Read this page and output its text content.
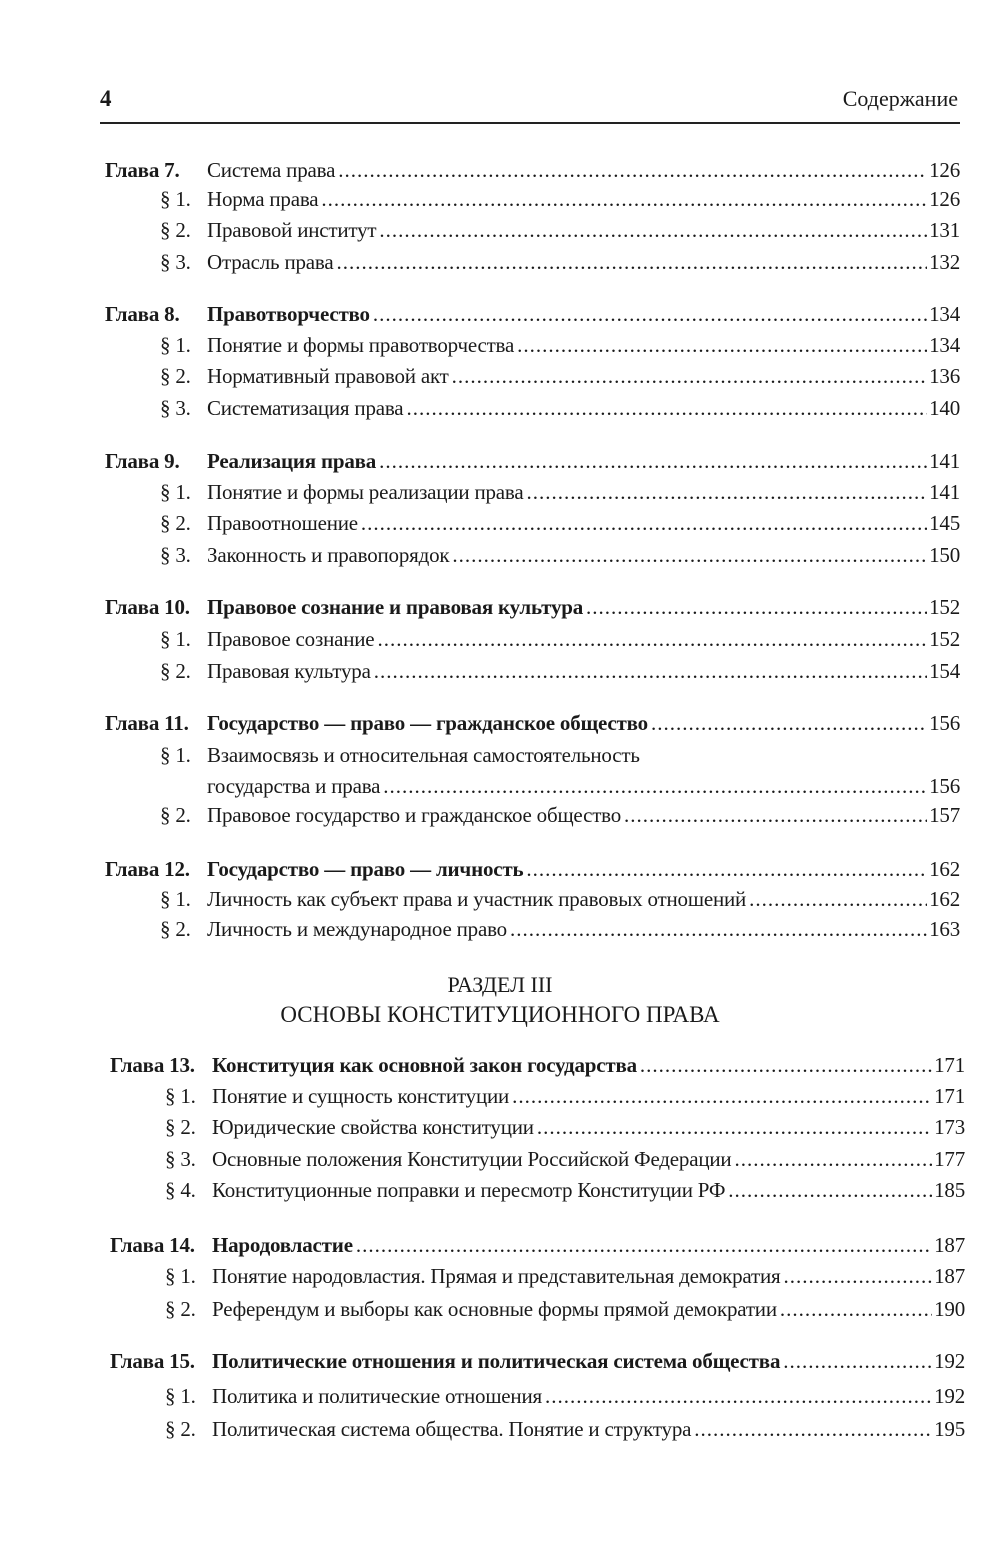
4	Содержание
РАЗДЕЛ III
ОСНОВЫ КОНСТИТУЦИОННОГО ПРАВА
Глава 7. Система права .....	126
§ 1. Норма права .....	126
§ 2. Правовой институт .....	131
§ 3. Отрасль права .....	132
Глава 8. Правотворчество .....	134
§ 1. Понятие и формы правотворчества .....	134
§ 2. Нормативный правовой акт .....	136
§ 3. Систематизация права .....	140
Глава 9. Реализация права .....	141
§ 1. Понятие и формы реализации права .....	141
§ 2. Правоотношение .....	145
§ 3. Законность и правопорядок .....	150
Глава 10. Правовое сознание и правовая культура .....	152
§ 1. Правовое сознание .....	152
§ 2. Правовая культура .....	154
Глава 11. Государство — право — гражданское общество .....	156
§ 1. Взаимосвязь и относительная самостоятельность
государства и права .....	156
§ 2. Правовое государство и гражданское общество .....	157
Глава 12. Государство — право — личность .....	162
§ 1. Личность как субъект права и участник правовых отношений .....	162
§ 2. Личность и международное право .....	163
Глава 13. Конституция как основной закон государства .....	171
§ 1. Понятие и сущность конституции .....	171
§ 2. Юридические свойства конституции .....	173
§ 3. Основные положения Конституции Российской Федерации .....	177
§ 4. Конституционные поправки и пересмотр Конституции РФ .....	185
Глава 14. Народовластие .....	187
§ 1. Понятие народовластия. Прямая и представительная демократия .....	187
§ 2. Референдум и выборы как основные формы прямой демократии .....	190
Глава 15. Политические отношения и политическая система общества .....	192
§ 1. Политика и политические отношения .....	192
§ 2. Политическая система общества. Понятие и структура .....	195
